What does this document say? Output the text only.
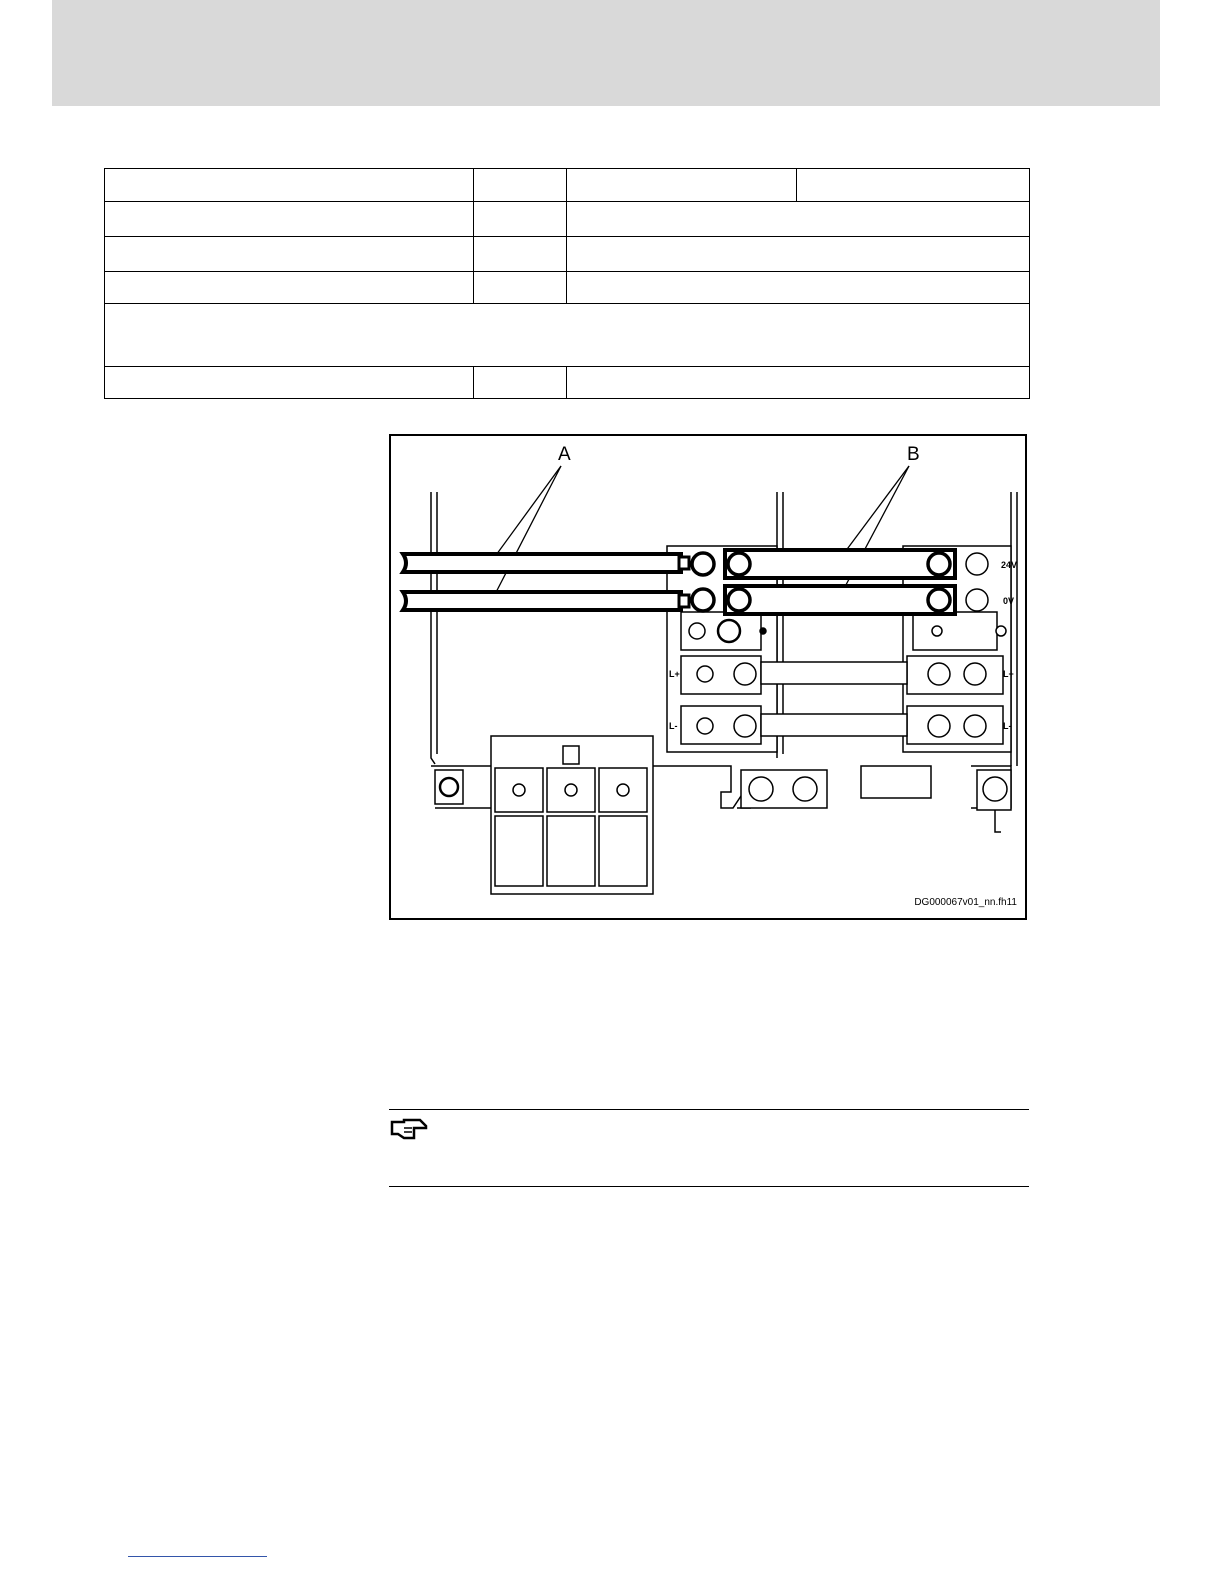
A	B
24V
0V
L+
L-
L+
L-
DG000067v01_nn.fh11
